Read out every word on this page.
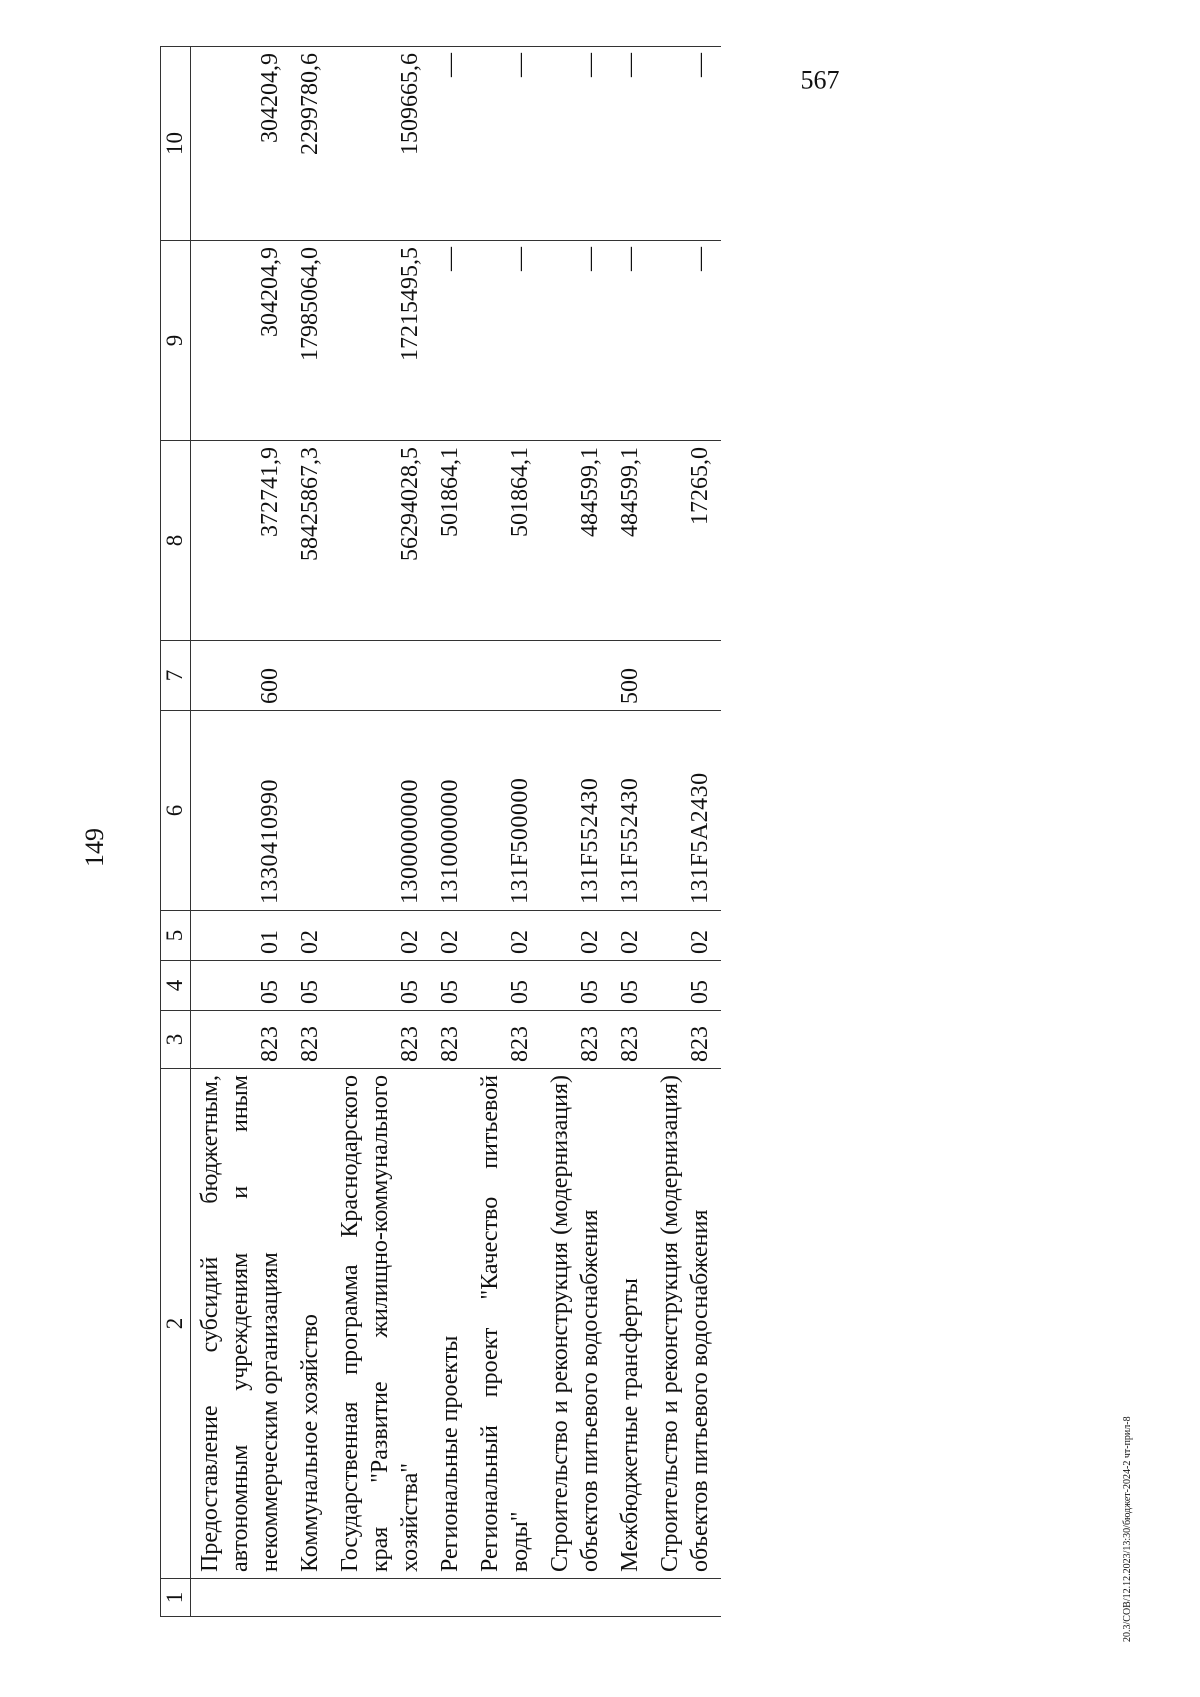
149
1	2	3	4	5	6	7	8	9	10
	Предоставление субсидий бюджетным, автономным учреждениям и иным некоммерческим организациям	823	05	01	1330410990	600	372741,9	304204,9	304204,9
	Коммунальное хозяйство	823	05	02			58425867,3	17985064,0	2299780,6
	Государственная программа Краснодарского края "Развитие жилищно-коммунального хозяйства"	823	05	02	1300000000		56294028,5	17215495,5	1509665,6
	Региональные проекты	823	05	02	1310000000		501864,1	—	—
	Региональный проект "Качество питьевой воды"	823	05	02	131F500000		501864,1	—	—
	Строительство и реконструкция (модернизация) объектов питьевого водоснабжения	823	05	02	131F552430		484599,1	—	—
	Межбюджетные трансферты	823	05	02	131F552430	500	484599,1	—	—
	Строительство и реконструкция (модернизация) объектов питьевого водоснабжения	823	05	02	131F5A2430		17265,0	—	—
20.3/СОВ/12.12.2023/13:30/бюджет-2024-2 чт-прил-8
567
